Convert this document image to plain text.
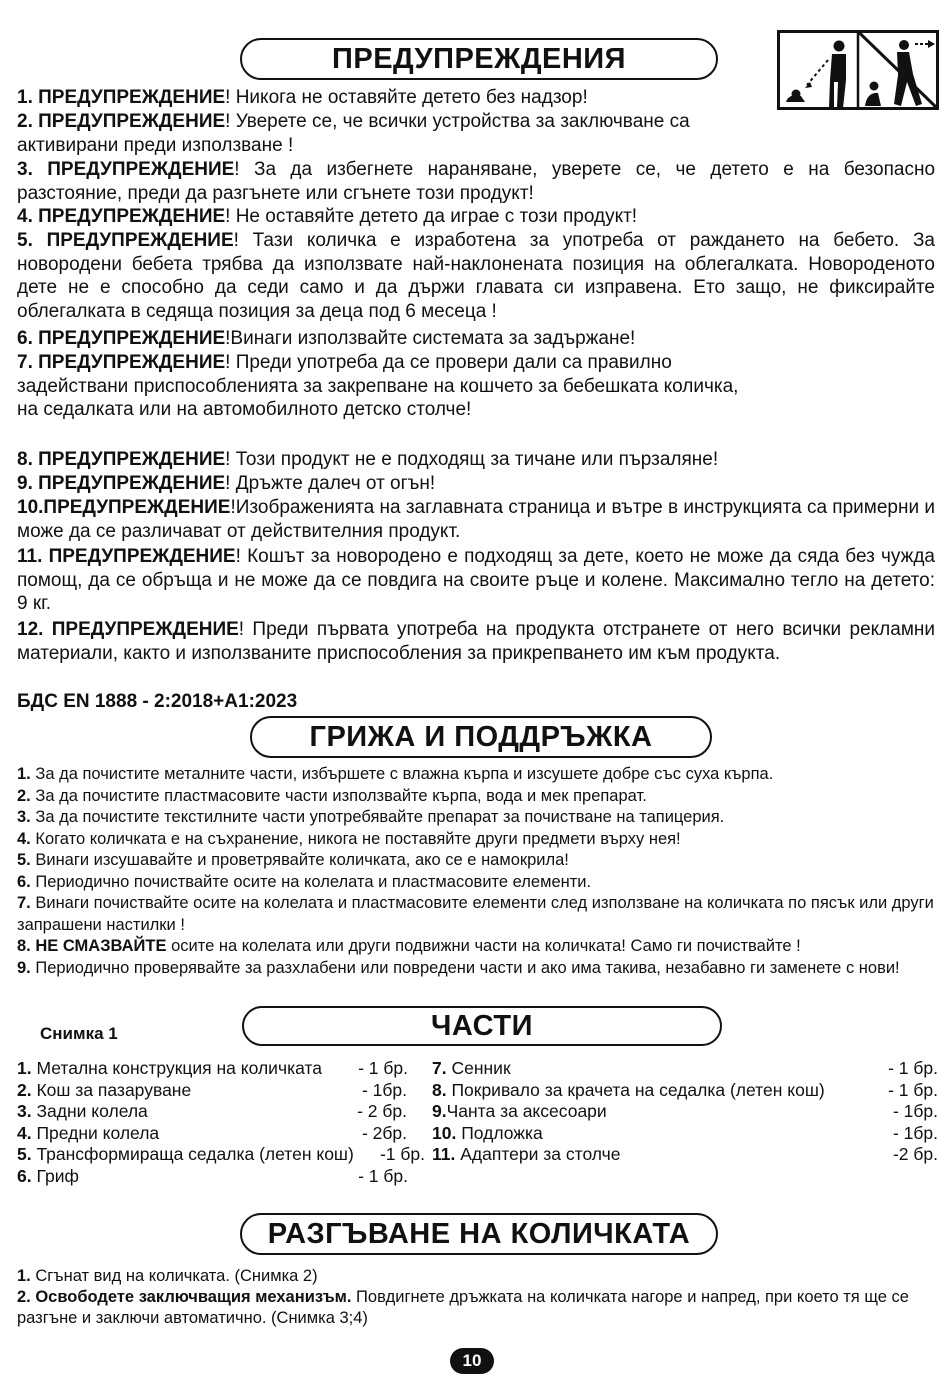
ПРЕДУПРЕЖДЕНИЯ
1. ПРЕДУПРЕЖДЕНИЕ! Никога не оставяйте детето без надзор!
2. ПРЕДУПРЕЖДЕНИЕ! Уверете се, че всички устройства за заключване са активирани преди използване !
3. ПРЕДУПРЕЖДЕНИЕ! За да избегнете нараняване, уверете се, че детето е на безопасно разстояние, преди да разгънете или сгънете този продукт!
4. ПРЕДУПРЕЖДЕНИЕ! Не оставяйте детето да играе с този продукт!
5. ПРЕДУПРЕЖДЕНИЕ! Тази количка е изработена за употреба от раждането на бебето. За новородени бебета трябва да използвате най-наклонената позиция на облегалката. Новороденото дете не е способно да седи само и да държи главата си изправена. Ето защо, не фиксирайте облегалката в седяща позиция за деца под 6 месеца !
6. ПРЕДУПРЕЖДЕНИЕ!Винаги използвайте системата за задържане!
7. ПРЕДУПРЕЖДЕНИЕ! Преди употреба да се провери дали са правилно задействани приспособленията за закрепване на кошчето за бебешката количка, на седалката или на автомобилното детско столче!
8. ПРЕДУПРЕЖДЕНИЕ! Този продукт не е подходящ за тичане или пързаляне!
9. ПРЕДУПРЕЖДЕНИЕ! Дръжте далеч от огън!
10.ПРЕДУПРЕЖДЕНИЕ!Изображенията на заглавната страница и вътре в инструкцията са примерни и може да се различават от действителния продукт.
11. ПРЕДУПРЕЖДЕНИЕ! Кошът за новородено е подходящ за дете, което не може да сяда без чужда помощ, да се обръща и не може да се повдига на своите ръце и колене. Максимално тегло на детето: 9 кг.
12. ПРЕДУПРЕЖДЕНИЕ! Преди първата употреба на продукта отстранете от него всички рекламни материали, както и използваните приспособления за прикрепването им към продукта.
БДС EN 1888 - 2:2018+A1:2023
ГРИЖА И ПОДДРЪЖКА
1. За да почистите металните части, избършете с влажна кърпа и изсушете добре със суха кърпа.
2. За да почистите пластмасовите части използвайте кърпа, вода и мек препарат.
3. За да почистите текстилните части употребявайте препарат за почистване на тапицерия.
4. Когато количката е на съхранение, никога не поставяйте други предмети върху нея!
5. Винаги изсушавайте и проветрявайте количката, ако се е намокрила!
6. Периодично почиствайте осите на колелата и пластмасовите елементи.
7. Винаги почиствайте осите на колелата и пластмасовите елементи след използване на количката по пясък или други запрашени настилки !
8. НЕ СМАЗВАЙТЕ осите на колелата или други подвижни части на количката! Само ги почиствайте !
9. Периодично проверявайте за разхлабени или повредени части и ако има такива, незабавно ги заменете с нови!
Снимка 1	ЧАСТИ
1. Метална конструкция на количката - 1 бр.
2. Кош за пазаруване	- 1бр.
3. Задни колела	- 2 бр.
4. Предни колела	- 2бр.
5. Трансформираща седалка (летен кош) -1 бр.
6. Гриф	- 1 бр.
7. Сенник	- 1 бр.
8. Покривало за крачета на седалка (летен кош)	- 1 бр.
9.Чанта за аксесоари	- 1бр.
10. Подложка	- 1бр.
11. Адаптери за столче	-2 бр.
РАЗГЪВАНЕ НА КОЛИЧКАТА
1. Сгънат вид на количката. (Снимка 2)
2. Освободете заключващия механизъм. Повдигнете дръжката на количката нагоре и напред, при което тя ще се разгъне и заключи автоматично. (Снимка 3;4)
10
